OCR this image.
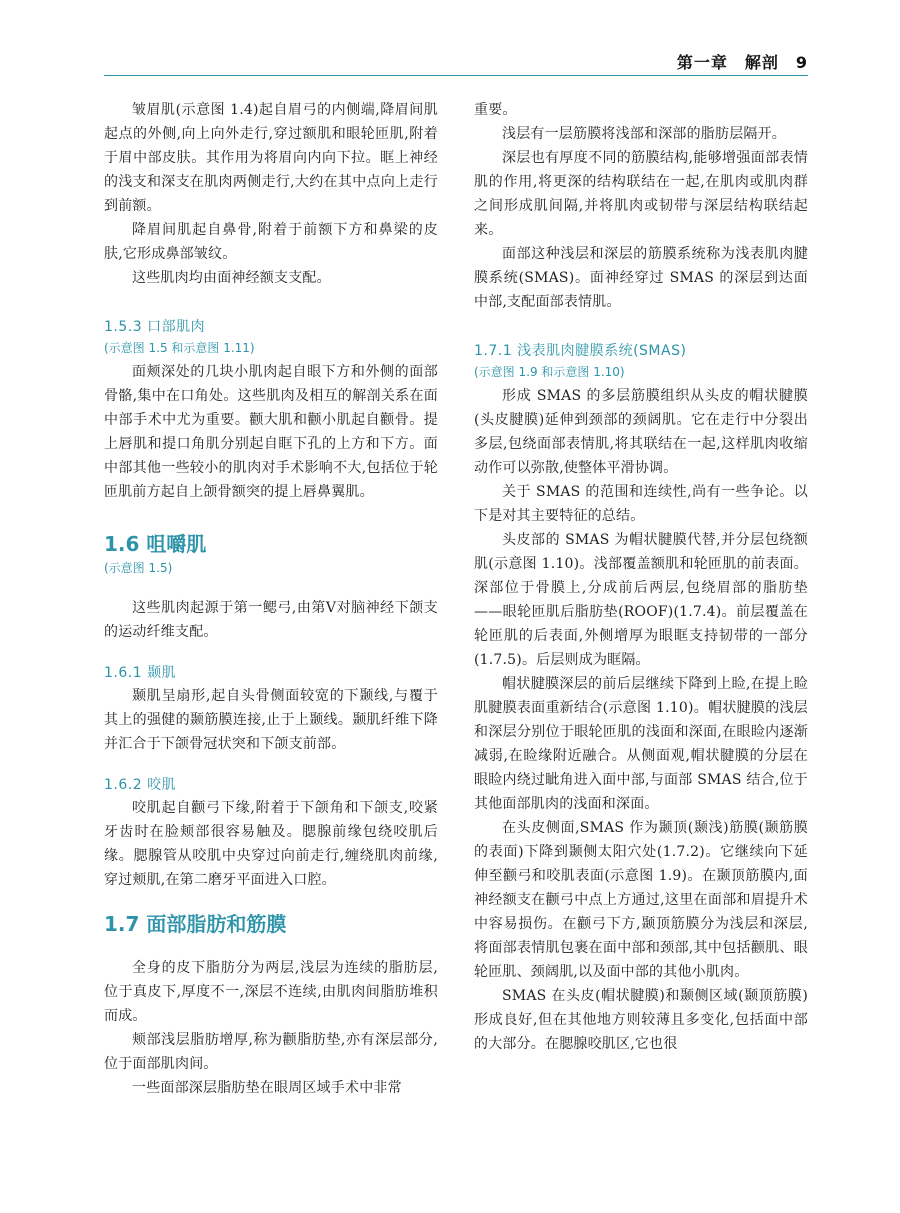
第一章　解剖　9

皱眉肌(示意图 1.4)起自眉弓的内侧端,降眉间肌起点的外侧,向上向外走行,穿过额肌和眼轮匝肌,附着于眉中部皮肤。其作用为将眉向内向下拉。眶上神经的浅支和深支在肌肉两侧走行,大约在其中点向上走行到前额。

降眉间肌起自鼻骨,附着于前额下方和鼻梁的皮肤,它形成鼻部皱纹。

这些肌肉均由面神经额支支配。

1.5.3 口部肌肉
(示意图 1.5 和示意图 1.11)

面颊深处的几块小肌肉起自眼下方和外侧的面部骨骼,集中在口角处。这些肌肉及相互的解剖关系在面中部手术中尤为重要。颧大肌和颧小肌起自颧骨。提上唇肌和提口角肌分别起自眶下孔的上方和下方。面中部其他一些较小的肌肉对手术影响不大,包括位于轮匝肌前方起自上颌骨额突的提上唇鼻翼肌。

1.6 咀嚼肌
(示意图 1.5)

这些肌肉起源于第一鳃弓,由第Ⅴ对脑神经下颌支的运动纤维支配。

1.6.1 颞肌

颞肌呈扇形,起自头骨侧面较宽的下颞线,与覆于其上的强健的颞筋膜连接,止于上颞线。颞肌纤维下降并汇合于下颌骨冠状突和下颌支前部。

1.6.2 咬肌

咬肌起自颧弓下缘,附着于下颌角和下颌支,咬紧牙齿时在脸颊部很容易触及。腮腺前缘包绕咬肌后缘。腮腺管从咬肌中央穿过向前走行,缠绕肌肉前缘,穿过颊肌,在第二磨牙平面进入口腔。

1.7 面部脂肪和筋膜

全身的皮下脂肪分为两层,浅层为连续的脂肪层,位于真皮下,厚度不一,深层不连续,由肌肉间脂肪堆积而成。

颊部浅层脂肪增厚,称为颧脂肪垫,亦有深层部分,位于面部肌肉间。

一些面部深层脂肪垫在眼周区域手术中非常

重要。

浅层有一层筋膜将浅部和深部的脂肪层隔开。

深层也有厚度不同的筋膜结构,能够增强面部表情肌的作用,将更深的结构联结在一起,在肌肉或肌肉群之间形成肌间隔,并将肌肉或韧带与深层结构联结起来。

面部这种浅层和深层的筋膜系统称为浅表肌肉腱膜系统(SMAS)。面神经穿过 SMAS 的深层到达面中部,支配面部表情肌。

1.7.1 浅表肌肉腱膜系统(SMAS)
(示意图 1.9 和示意图 1.10)

形成 SMAS 的多层筋膜组织从头皮的帽状腱膜(头皮腱膜)延伸到颈部的颈阔肌。它在走行中分裂出多层,包绕面部表情肌,将其联结在一起,这样肌肉收缩动作可以弥散,使整体平滑协调。

关于 SMAS 的范围和连续性,尚有一些争论。以下是对其主要特征的总结。

头皮部的 SMAS 为帽状腱膜代替,并分层包绕额肌(示意图 1.10)。浅部覆盖额肌和轮匝肌的前表面。深部位于骨膜上,分成前后两层,包绕眉部的脂肪垫——眼轮匝肌后脂肪垫(ROOF)(1.7.4)。前层覆盖在轮匝肌的后表面,外侧增厚为眼眶支持韧带的一部分(1.7.5)。后层则成为眶隔。

帽状腱膜深层的前后层继续下降到上睑,在提上睑肌腱膜表面重新结合(示意图 1.10)。帽状腱膜的浅层和深层分别位于眼轮匝肌的浅面和深面,在眼睑内逐渐减弱,在睑缘附近融合。从侧面观,帽状腱膜的分层在眼睑内绕过眦角进入面中部,与面部 SMAS 结合,位于其他面部肌肉的浅面和深面。

在头皮侧面,SMAS 作为颞顶(颞浅)筋膜(颞筋膜的表面)下降到颞侧太阳穴处(1.7.2)。它继续向下延伸至颧弓和咬肌表面(示意图 1.9)。在颞顶筋膜内,面神经额支在颧弓中点上方通过,这里在面部和眉提升术中容易损伤。在颧弓下方,颞顶筋膜分为浅层和深层,将面部表情肌包裹在面中部和颈部,其中包括颧肌、眼轮匝肌、颈阔肌,以及面中部的其他小肌肉。

SMAS 在头皮(帽状腱膜)和颞侧区域(颞顶筋膜)形成良好,但在其他地方则较薄且多变化,包括面中部的大部分。在腮腺咬肌区,它也很
